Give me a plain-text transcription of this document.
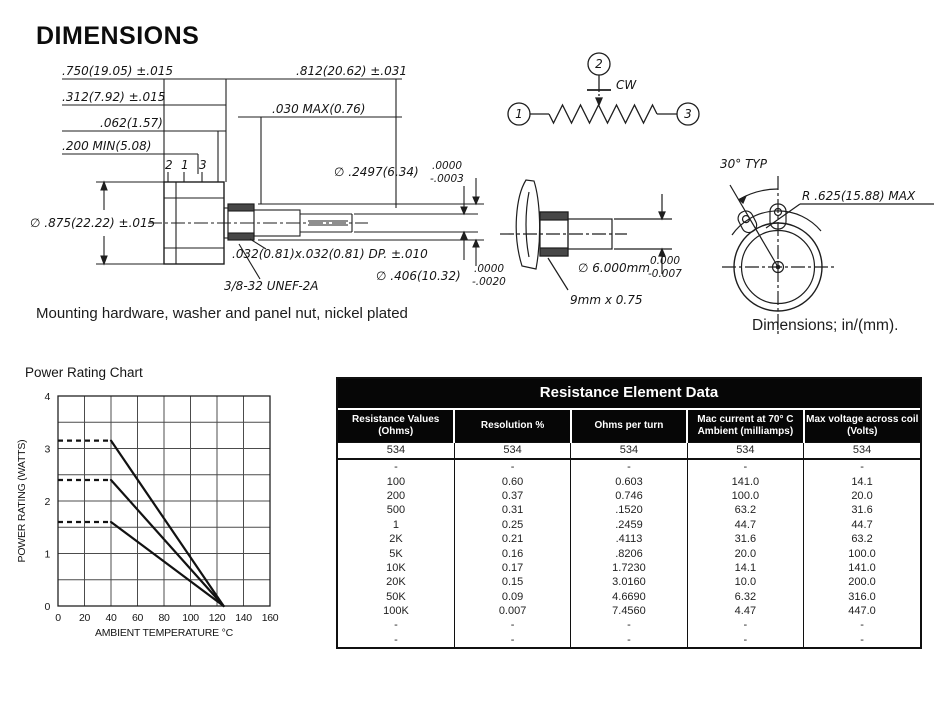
DIMENSIONS
.750(19.05) ±.015	.812(20.62) ±.031
.312(7.92) ±.015
.030 MAX(0.76)
.062(1.57)
.200 MIN(5.08)
2 1 3	∅ .2497(6.34) .0000
-.0003
∅ .875(22.22) ±.015
.032(0.81)x.032(0.81) DP. ±.010
3/8-32 UNEF-2A
∅ .406(10.32) .0000
-.0020
2
1	3
CW
∅ 6.000mm 0.000
-0.007
9mm x 0.75
30° TYP
R .625(15.88) MAX
Mounting hardware, washer and panel nut, nickel plated
Dimensions; in/(mm).
Power Rating Chart
0 20 40 60 80 100 120 140 160
0
1
2
3
4
AMBIENT TEMPERATURE °C
POWER RATING (WATTS)
Resistance Element Data
Resistance Values (Ohms)	Resolution %	Ohms per turn	Mac current at 70° C Ambient (milliamps)	Max voltage across coil (Volts)
534	534	534	534	534
-	-	-	-	-
100	0.60	0.603	141.0	14.1
200	0.37	0.746	100.0	20.0
500	0.31	.1520	63.2	31.6
1	0.25	.2459	44.7	44.7
2K	0.21	.4113	31.6	63.2
5K	0.16	.8206	20.0	100.0
10K	0.17	1.7230	14.1	141.0
20K	0.15	3.0160	10.0	200.0
50K	0.09	4.6690	6.32	316.0
100K	0.007	7.4560	4.47	447.0
-	-	-	-	-
-	-	-	-	-
